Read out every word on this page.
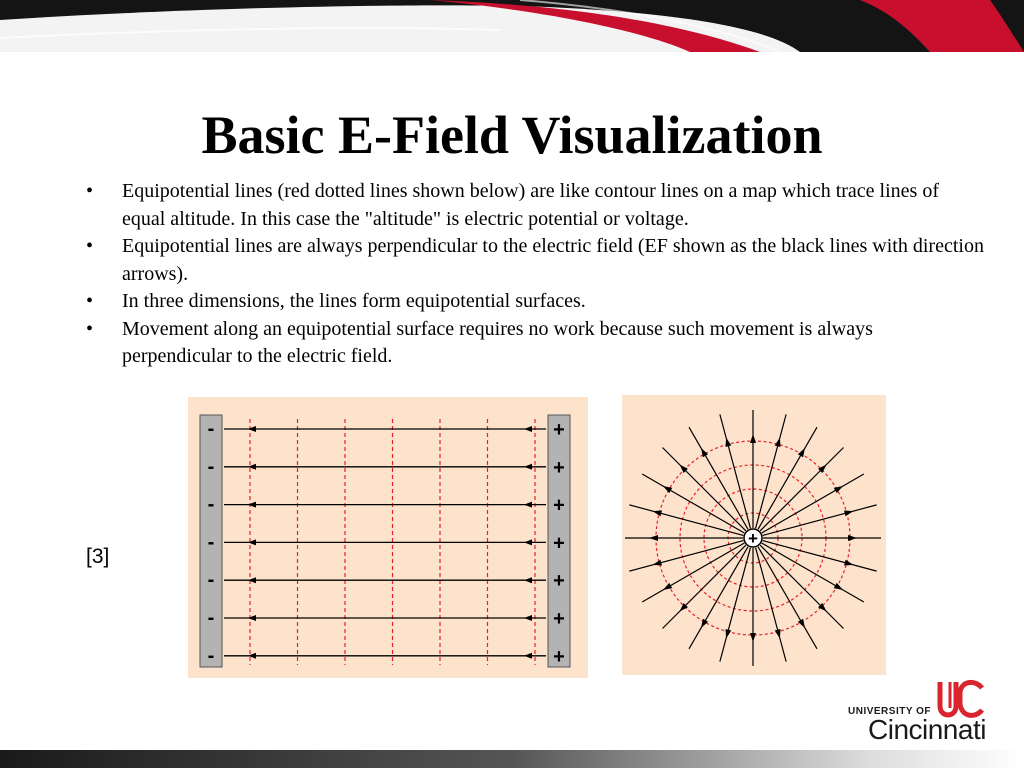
Basic E-Field Visualization
• Equipotential lines (red dotted lines shown below) are like contour lines on a map which trace lines of equal altitude. In this case the "altitude" is electric potential or voltage.
• Equipotential lines are always perpendicular to the electric field (EF shown as the black lines with direction arrows).
• In three dimensions, the lines form equipotential surfaces.
• Movement along an equipotential surface requires no work because such movement is always perpendicular to the electric field.
[3]
-	+
-	+
-	+
-	+
-	+
-	+
-	+
+
UNIVERSITY OF
Cincinnati
